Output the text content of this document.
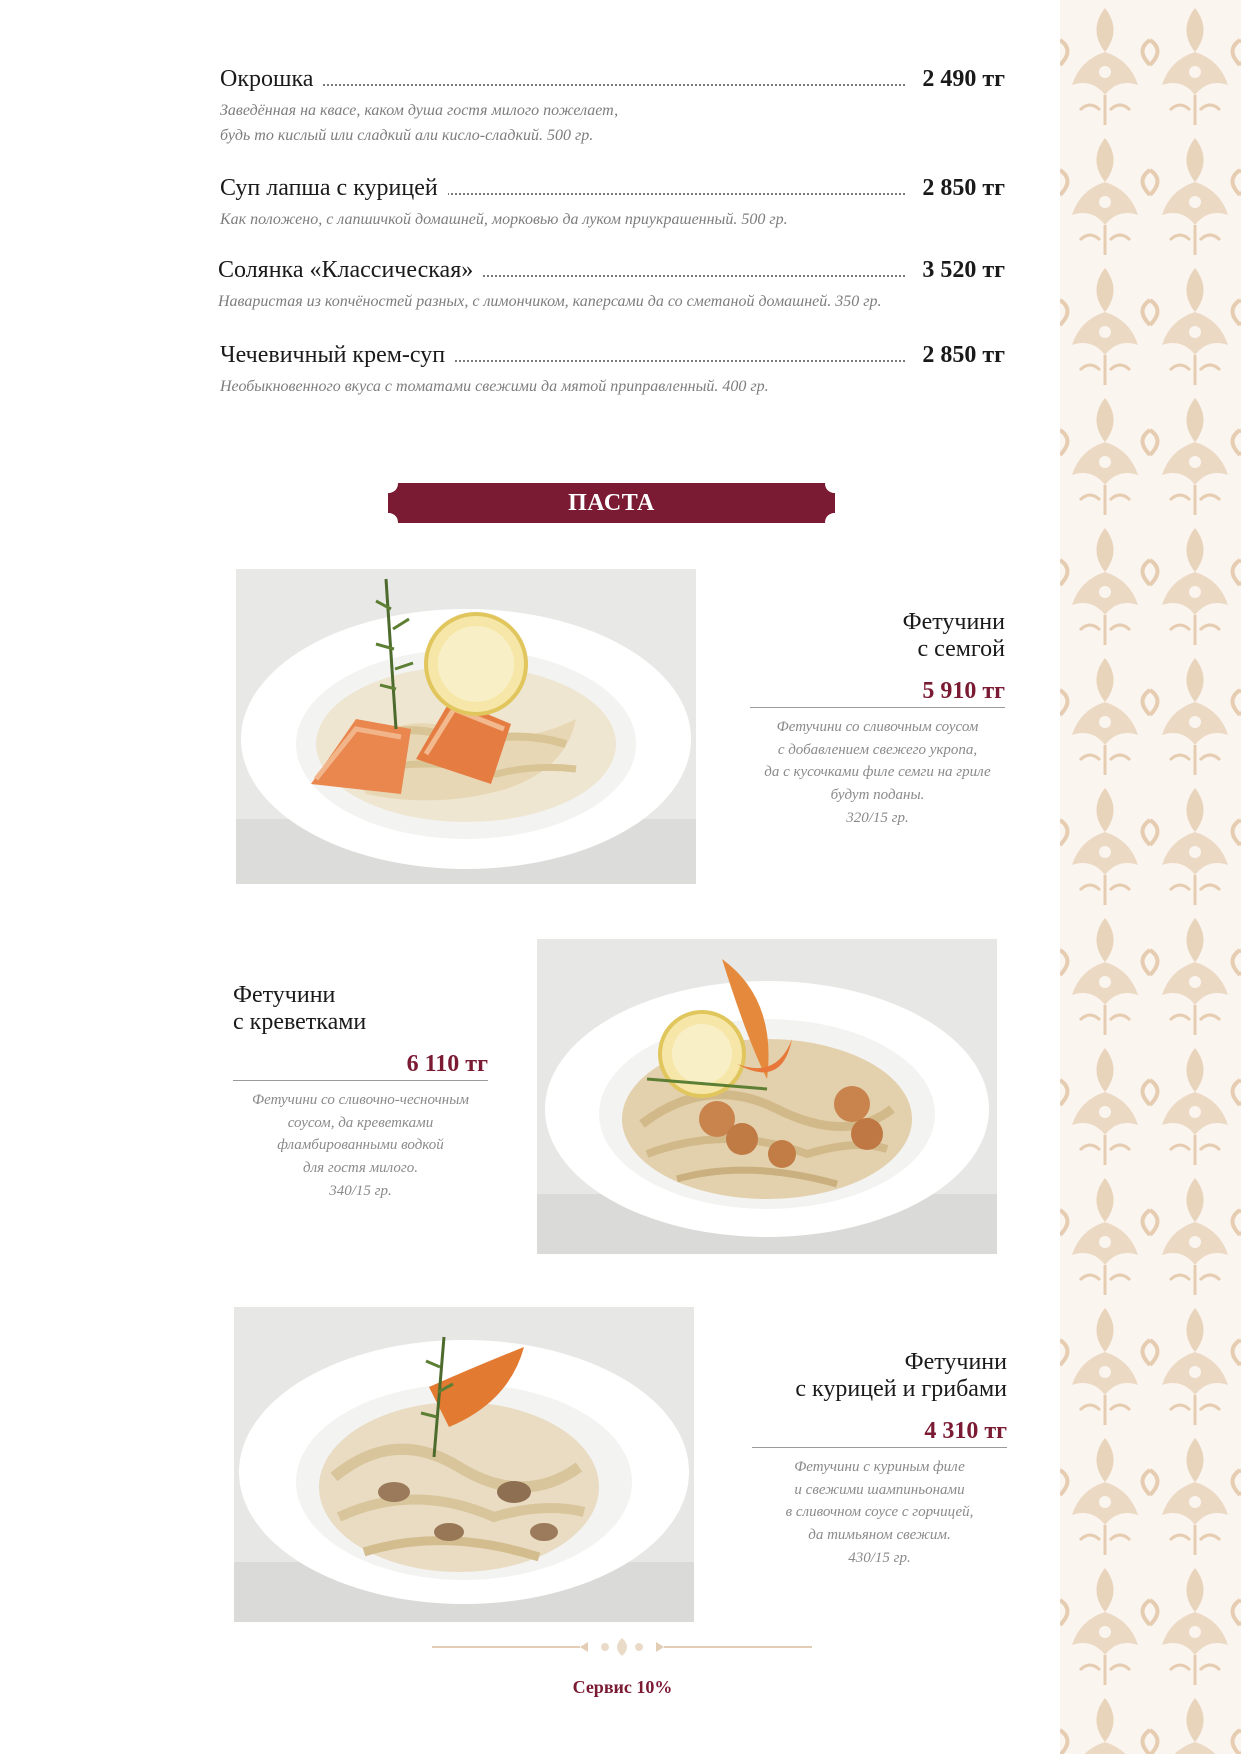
Окрошка	2 490 тг
Заведённая на квасе, каком душа гостя милого пожелает,
будь то кислый или сладкий али кисло-сладкий. 500 гр.
Суп лапша с курицей	2 850 тг
Как положено, с лапшичкой домашней, морковью да луком приукрашенный. 500 гр.
Солянка «Классическая»	3 520 тг
Наваристая из копчёностей разных, с лимончиком, каперсами да со сметаной домашней. 350 гр.
Чечевичный крем-суп	2 850 тг
Необыкновенного вкуса с томатами свежими да мятой приправленный. 400 гр.
ПАСТА
Фетучини
с семгой
5 910 тг
Фетучини со сливочным соусом
с добавлением свежего укропа,
да с кусочками филе семги на гриле
будут поданы.
320/15 гр.
Фетучини
с креветками
6 110 тг
Фетучини со сливочно-чесночным
соусом, да креветками
фламбированными водкой
для гостя милого.
340/15 гр.
Фетучини
с курицей и грибами
4 310 тг
Фетучини с куриным филе
и свежими шампиньонами
в сливочном соусе с горчицей,
да тимьяном свежим.
430/15 гр.
Сервис 10%
